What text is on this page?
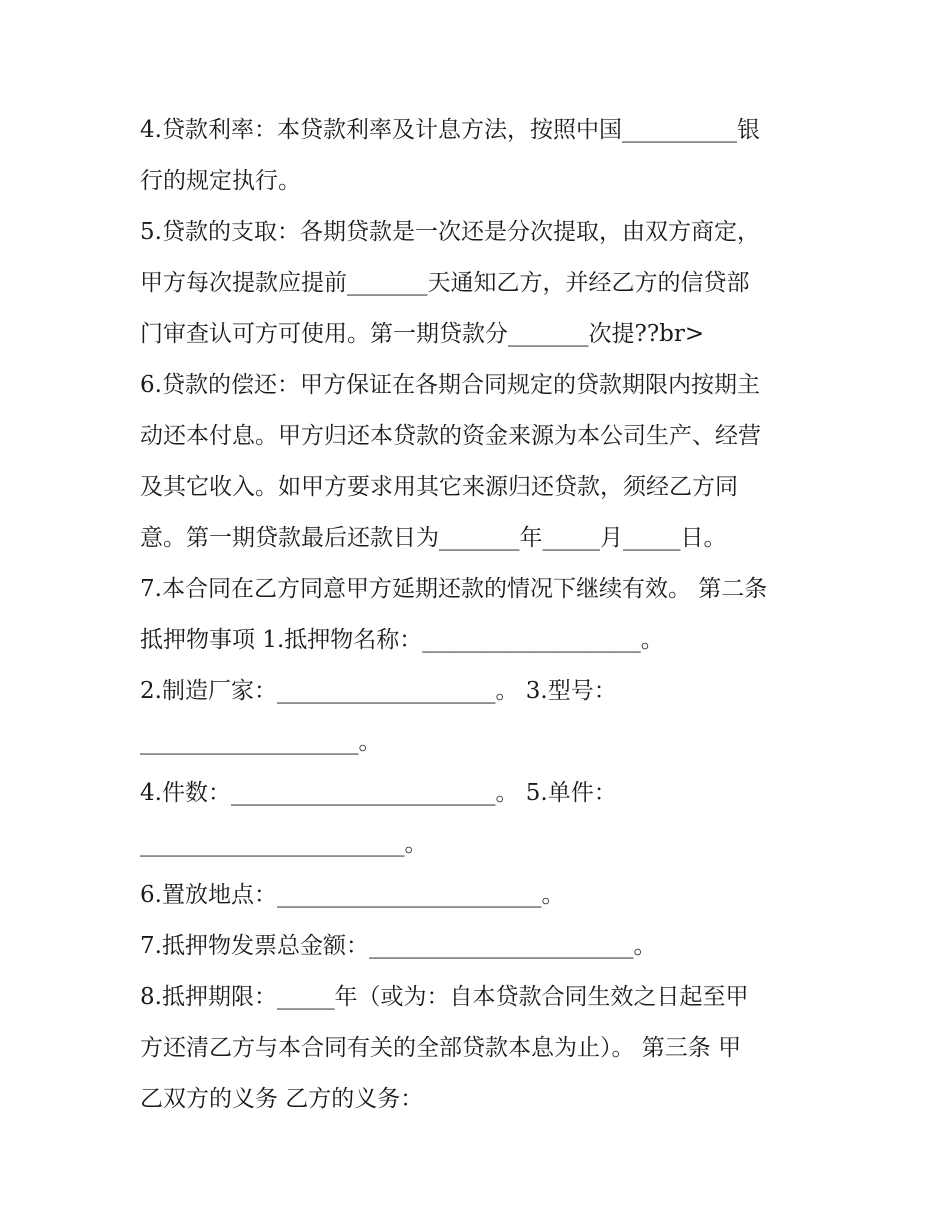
4.贷款利率：本贷款利率及计息方法，按照中国__________银
行的规定执行。
5.贷款的支取：各期贷款是一次还是分次提取，由双方商定，
甲方每次提款应提前_______天通知乙方，并经乙方的信贷部
门审查认可方可使用。第一期贷款分_______次提??br>
6.贷款的偿还：甲方保证在各期合同规定的贷款期限内按期主
动还本付息。甲方归还本贷款的资金来源为本公司生产、经营
及其它收入。如甲方要求用其它来源归还贷款，须经乙方同
意。第一期贷款最后还款日为_______年_____月_____日。
7.本合同在乙方同意甲方延期还款的情况下继续有效。 第二条
抵押物事项 1.抵押物名称：___________________。
2.制造厂家：___________________。 3.型号：
___________________。
4.件数：_______________________。 5.单件：
_______________________。
6.置放地点：_______________________。
7.抵押物发票总金额：_______________________。
8.抵押期限：_____年（或为：自本贷款合同生效之日起至甲
方还清乙方与本合同有关的全部贷款本息为止）。 第三条 甲
乙双方的义务 乙方的义务：
